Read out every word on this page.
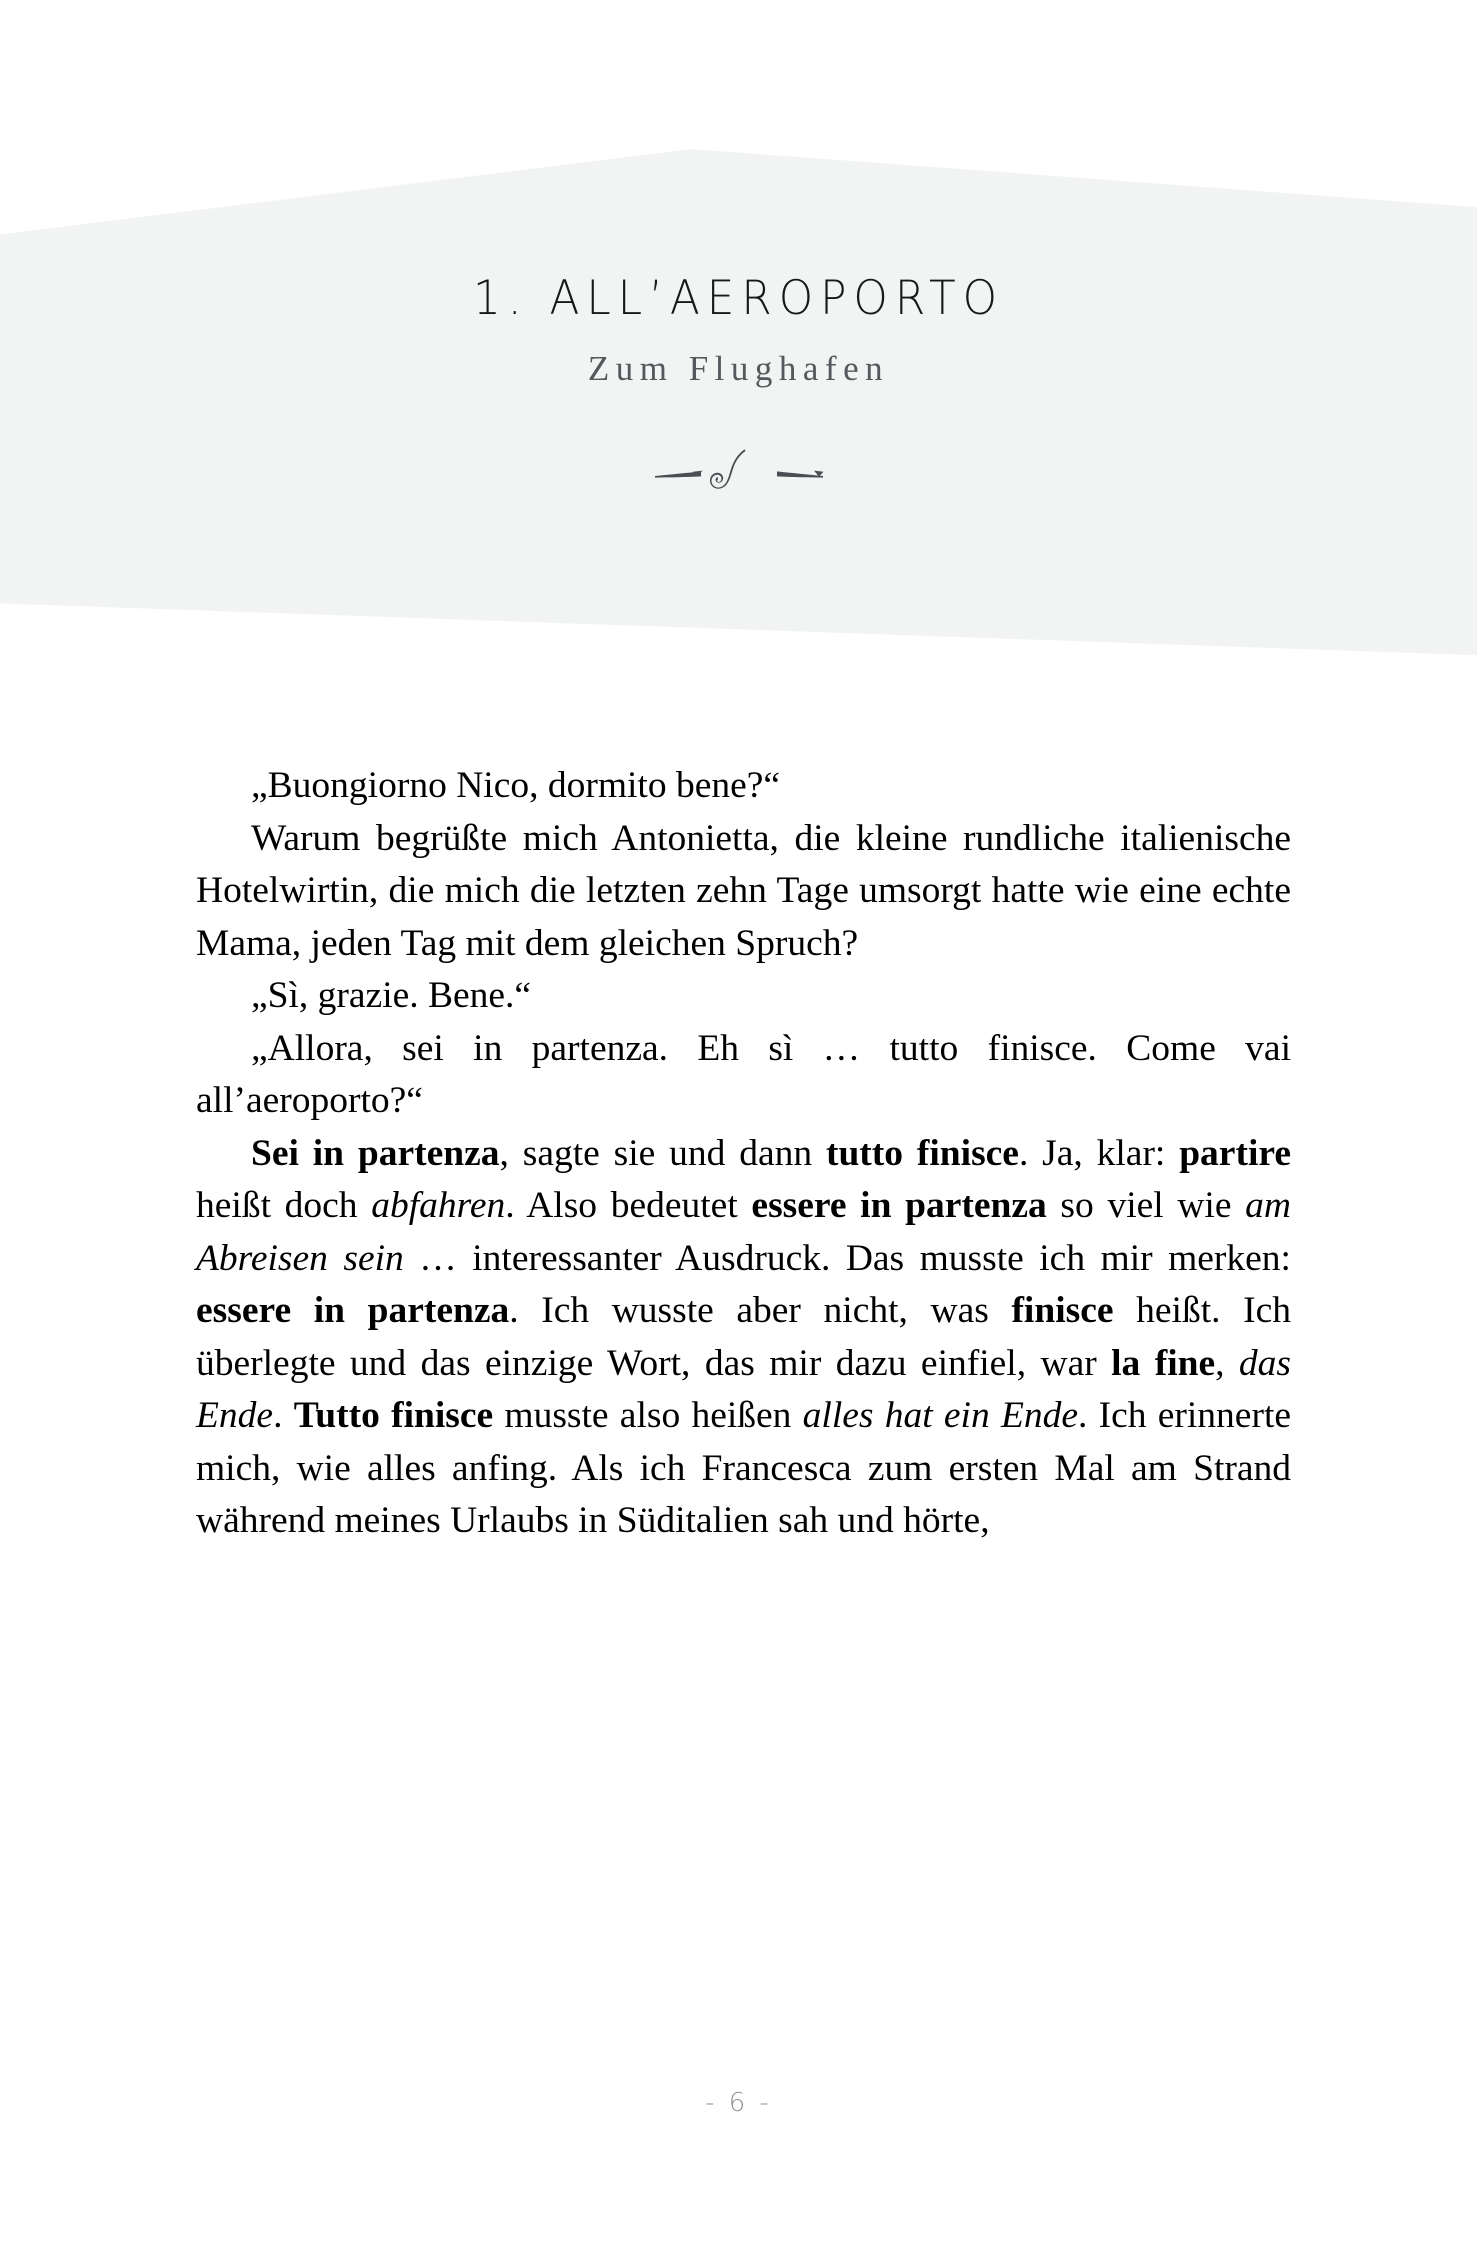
1. ALL’AEROPORTO
Zum Flughafen

„Buongiorno Nico, dormito bene?“

Warum begrüßte mich Antonietta, die kleine rundliche italienische Hotelwirtin, die mich die letzten zehn Tage umsorgt hatte wie eine echte Mama, jeden Tag mit dem gleichen Spruch?

„Sì, grazie. Bene.“

„Allora, sei in partenza. Eh sì … tutto finisce. Come vai all’aeroporto?“

Sei in partenza, sagte sie und dann tutto finisce. Ja, klar: partire heißt doch abfahren. Also bedeutet essere in partenza so viel wie am Abreisen sein … interessanter Ausdruck. Das musste ich mir merken: essere in partenza. Ich wusste aber nicht, was finisce heißt. Ich überlegte und das einzige Wort, das mir dazu einfiel, war la fine, das Ende. Tutto finisce musste also heißen alles hat ein Ende. Ich erinnerte mich, wie alles anfing. Als ich Francesca zum ersten Mal am Strand während meines Urlaubs in Süditalien sah und hörte,

- 6 -
